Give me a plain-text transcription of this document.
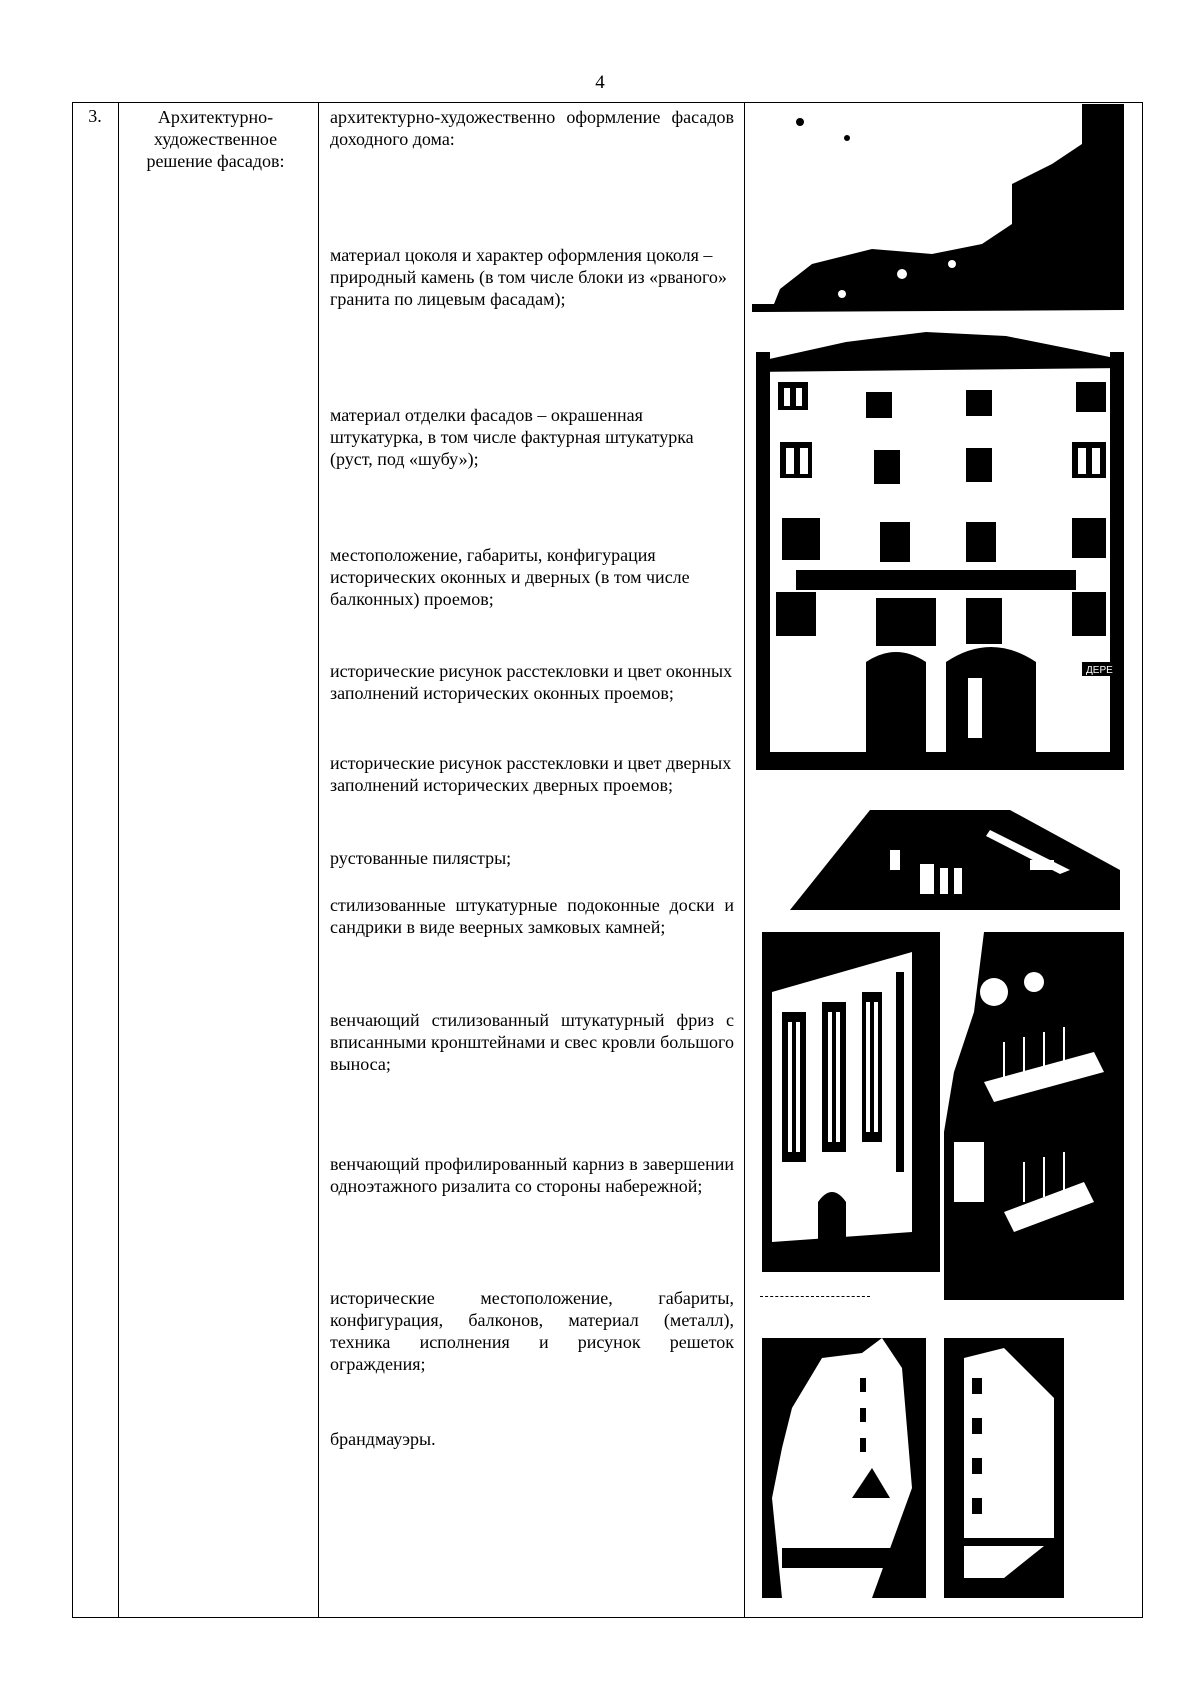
4
3.	Архитектурно-художественное решение фасадов:
архитектурно-художественно оформление фасадов доходного дома:
материал цоколя и характер оформления цоколя – природный камень (в том числе блоки из «рваного» гранита по лицевым фасадам);
материал отделки фасадов – окрашенная штукатурка, в том числе фактурная штукатурка (руст, под «шубу»);
местоположение, габариты, конфигурация исторических оконных и дверных (в том числе балконных) проемов;
исторические рисунок расстекловки и цвет оконных заполнений исторических оконных проемов;
исторические рисунок расстекловки и цвет дверных заполнений исторических дверных проемов;
рустованные пилястры;
стилизованные штукатурные подоконные доски и сандрики в виде веерных замковых камней;
венчающий стилизованный штукатурный фриз с вписанными кронштейнами и свес кровли большого выноса;
венчающий профилированный карниз в завершении одноэтажного ризалита со стороны набережной;
исторические местоположение, габариты, конфигурация, балконов, материал (металл), техника исполнения и рисунок решеток ограждения;
брандмауэры.
ДЕРЕ
